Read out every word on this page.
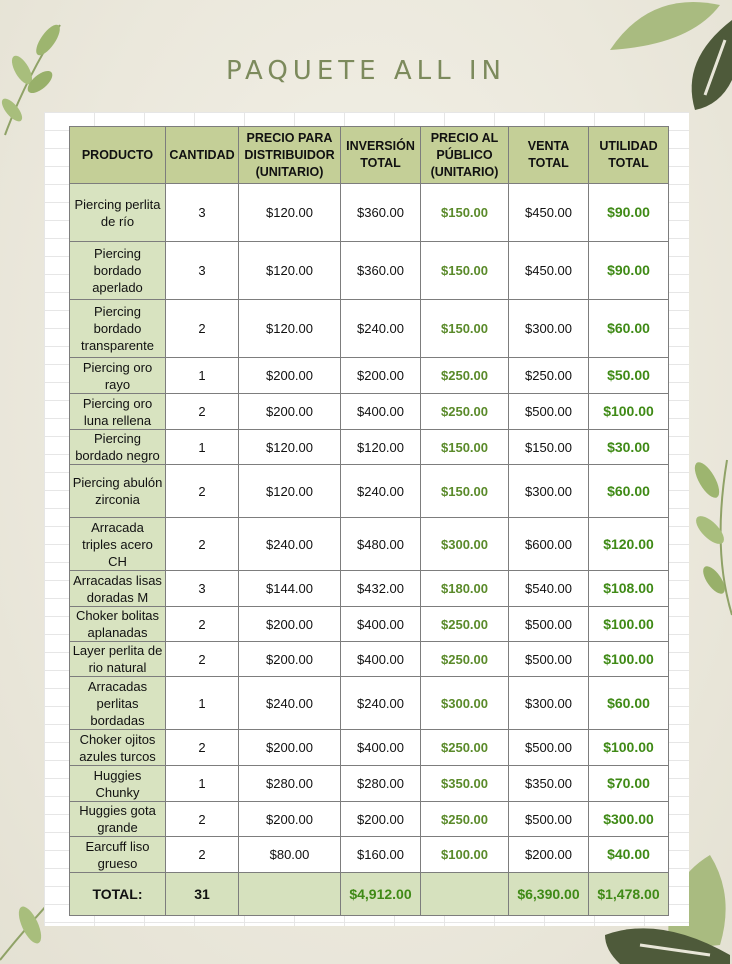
PAQUETE ALL IN
PRODUCTO	CANTIDAD	PRECIO PARA DISTRIBUIDOR (UNITARIO)	INVERSIÓN TOTAL	PRECIO AL PÚBLICO (UNITARIO)	VENTA TOTAL	UTILIDAD TOTAL
Piercing perlita de río	3	$120.00	$360.00	$150.00	$450.00	$90.00
Piercing bordado aperlado	3	$120.00	$360.00	$150.00	$450.00	$90.00
Piercing bordado transparente	2	$120.00	$240.00	$150.00	$300.00	$60.00
Piercing oro rayo	1	$200.00	$200.00	$250.00	$250.00	$50.00
Piercing oro luna rellena	2	$200.00	$400.00	$250.00	$500.00	$100.00
Piercing bordado negro	1	$120.00	$120.00	$150.00	$150.00	$30.00
Piercing abulón zirconia	2	$120.00	$240.00	$150.00	$300.00	$60.00
Arracada triples acero CH	2	$240.00	$480.00	$300.00	$600.00	$120.00
Arracadas lisas doradas M	3	$144.00	$432.00	$180.00	$540.00	$108.00
Choker bolitas aplanadas	2	$200.00	$400.00	$250.00	$500.00	$100.00
Layer perlita de rio natural	2	$200.00	$400.00	$250.00	$500.00	$100.00
Arracadas perlitas bordadas	1	$240.00	$240.00	$300.00	$300.00	$60.00
Choker ojitos azules turcos	2	$200.00	$400.00	$250.00	$500.00	$100.00
Huggies Chunky	1	$280.00	$280.00	$350.00	$350.00	$70.00
Huggies gota grande	2	$200.00	$200.00	$250.00	$500.00	$300.00
Earcuff liso grueso	2	$80.00	$160.00	$100.00	$200.00	$40.00
TOTAL:	31		$4,912.00		$6,390.00	$1,478.00
